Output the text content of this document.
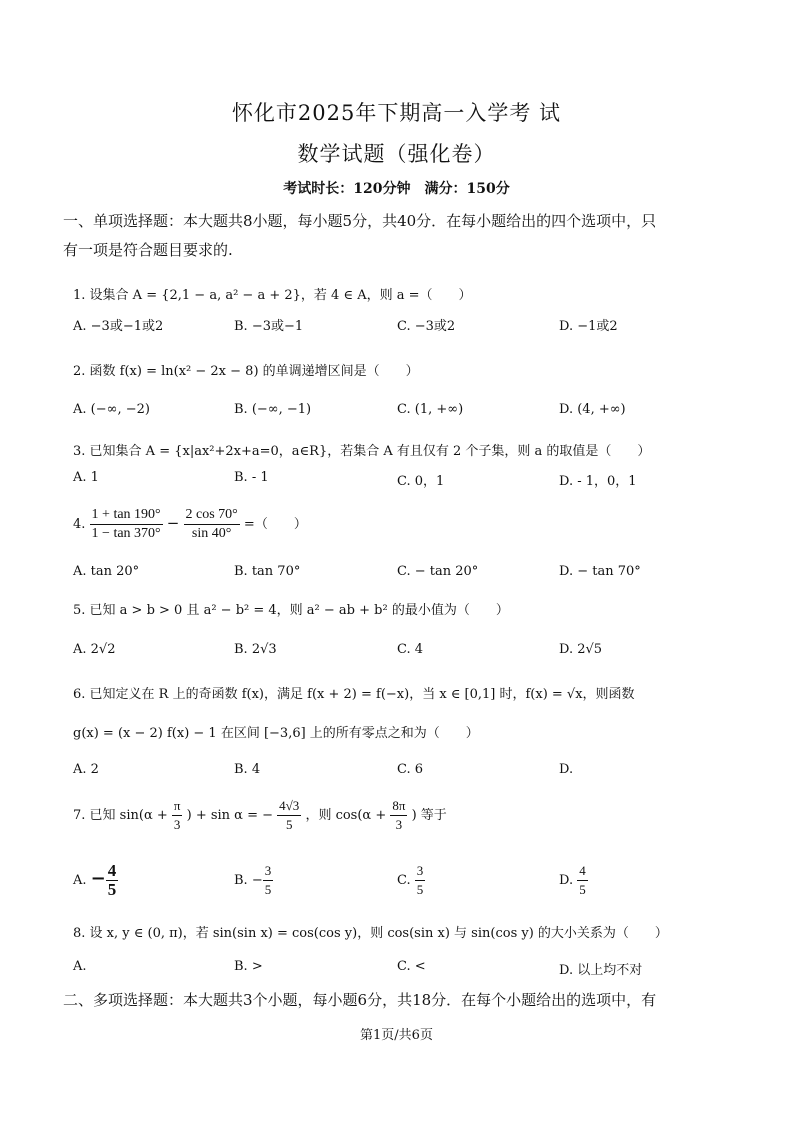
怀化市2025年下期高一入学考 试
数学试题（强化卷）
考试时长：120分钟　满分：150分
一、单项选择题：本大题共8小题，每小题5分，共40分．在每小题给出的四个选项中，只
有一项是符合题目要求的.
1. 设集合 A = {2,1 − a, a² − a + 2}，若 4 ∈ A，则 a =（　　）
A. −3或−1或2	B. −3或−1	C. −3或2	D. −1或2
2. 函数 f(x) = ln(x² − 2x − 8) 的单调递增区间是（　　）
A. (−∞, −2)	B. (−∞, −1)	C. (1, +∞)	D. (4, +∞)
3. 已知集合 A = {x|ax²+2x+a=0，a∈R}，若集合 A 有且仅有 2 个子集，则 a 的取值是（　　）
A. 1	B. - 1	C. 0，1	D. - 1，0，1
4. $\frac{1 + \tan 190^\circ}{1 - \tan 370^\circ} - \frac{2 \cos 70^\circ}{\sin 40^\circ}$ =（　　）
A. tan 20°	B. tan 70°	C. − tan 20°	D. − tan 70°
5. 已知 a > b > 0 且 a² − b² = 4，则 a² − ab + b² 的最小值为（　　）
A. 2√2	B. 2√3	C. 4	D. 2√5
6. 已知定义在 R 上的奇函数 f(x)，满足 f(x + 2) = f(−x)，当 x ∈ [0,1] 时，f(x) = √x，则函数
g(x) = (x − 2) f(x) − 1 在区间 [−3,6] 上的所有零点之和为（　　）
A. 2	B. 4	C. 6	D.
7. 已知 $\sin(\alpha + \frac{\pi}{3}$ ) + sin α = − $\frac{4√3}{5}$ ，则 $\cos(\alpha + \frac{8\pi}{3}$ ) 等于
A. − $\frac{4}{5}$	B. − $\frac{3}{5}$	C. $\frac{3}{5}$	D. $\frac{4}{5}$
8. 设 x, y ∈ (0, π)，若 sin(sin x) = cos(cos y)，则 cos(sin x) 与 sin(cos y) 的大小关系为（　　）
A.	B. >	C. <	D. 以上均不对
二、多项选择题：本大题共3个小题，每小题6分，共18分．在每个小题给出的选项中，有
第1页/共6页
